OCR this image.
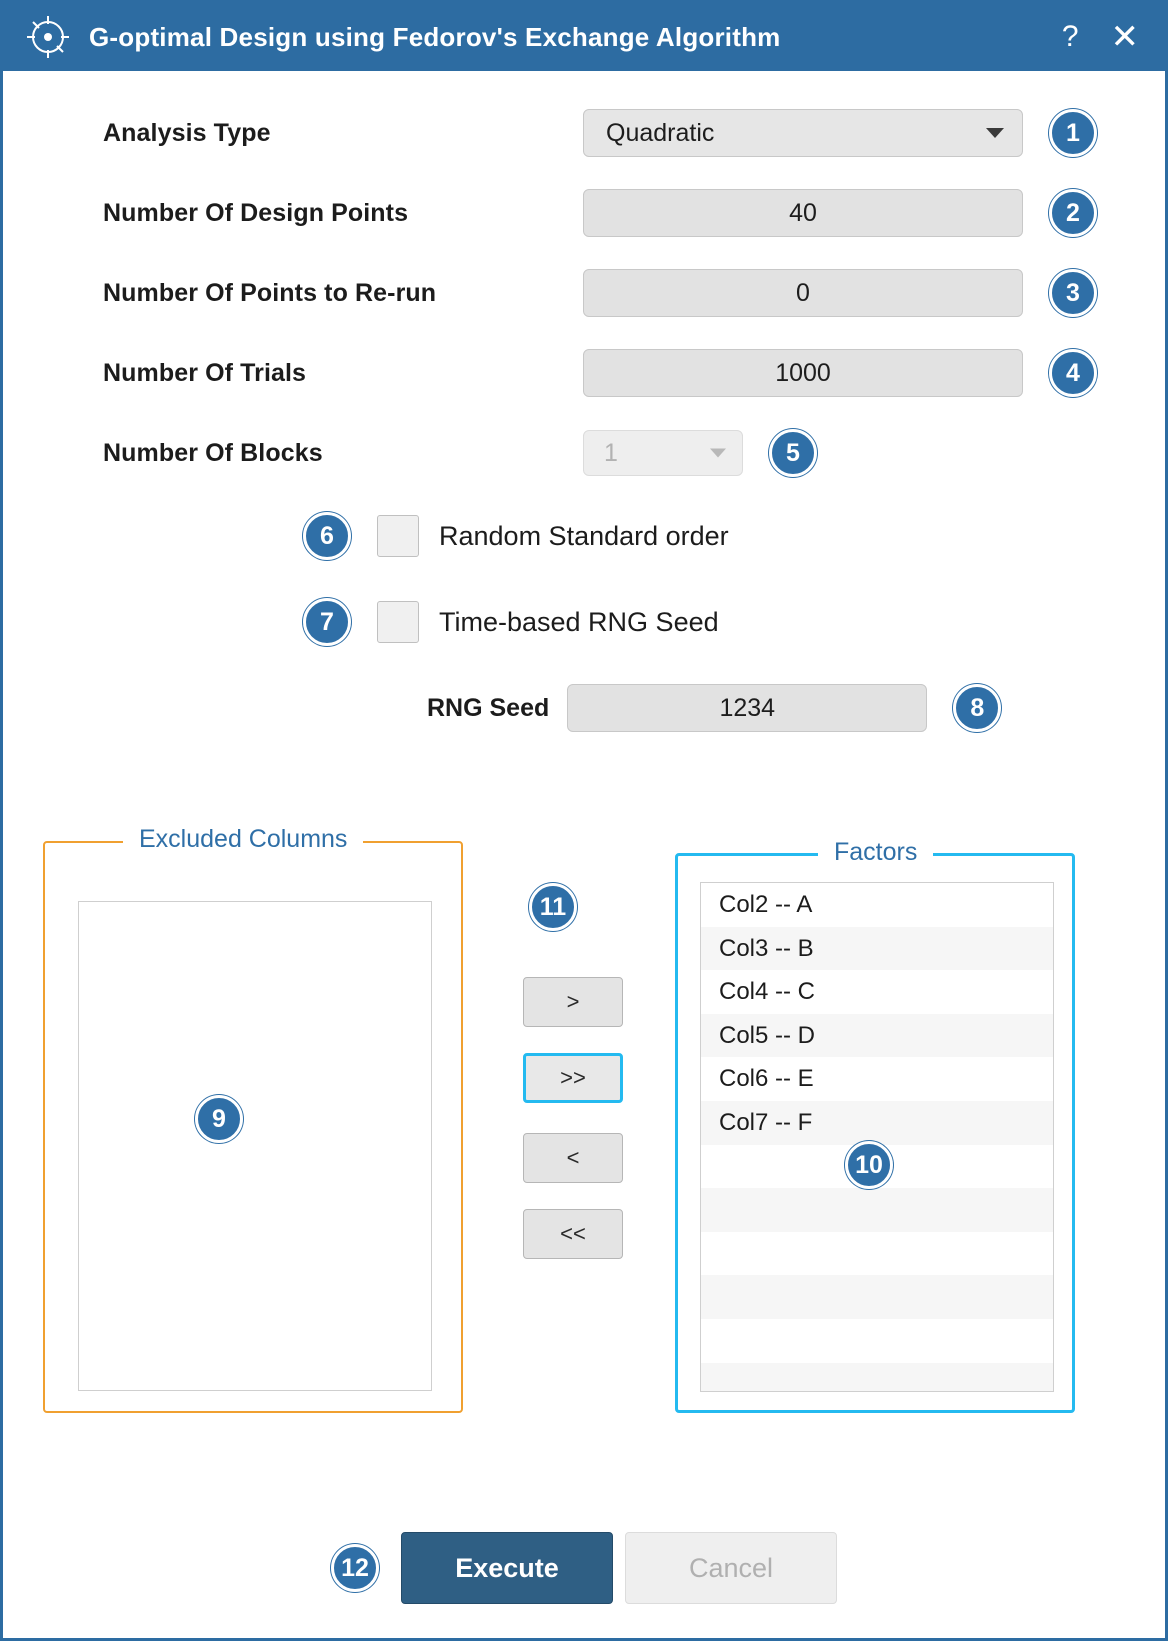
G-optimal Design using Fedorov's Exchange Algorithm	? ✕
Analysis Type	Quadratic	1
Number Of Design Points	40	2
Number Of Points to Re-run	0	3
Number Of Trials	1000	4
Number Of Blocks	1	5
6	Random Standard order
7	Time-based RNG Seed
RNG Seed	1234	8
Excluded Columns
9
11
>
>>
<
<<
Factors
Col2 -- A
Col3 -- B
Col4 -- C
Col5 -- D
Col6 -- E
Col7 -- F
10
12	Execute	Cancel
